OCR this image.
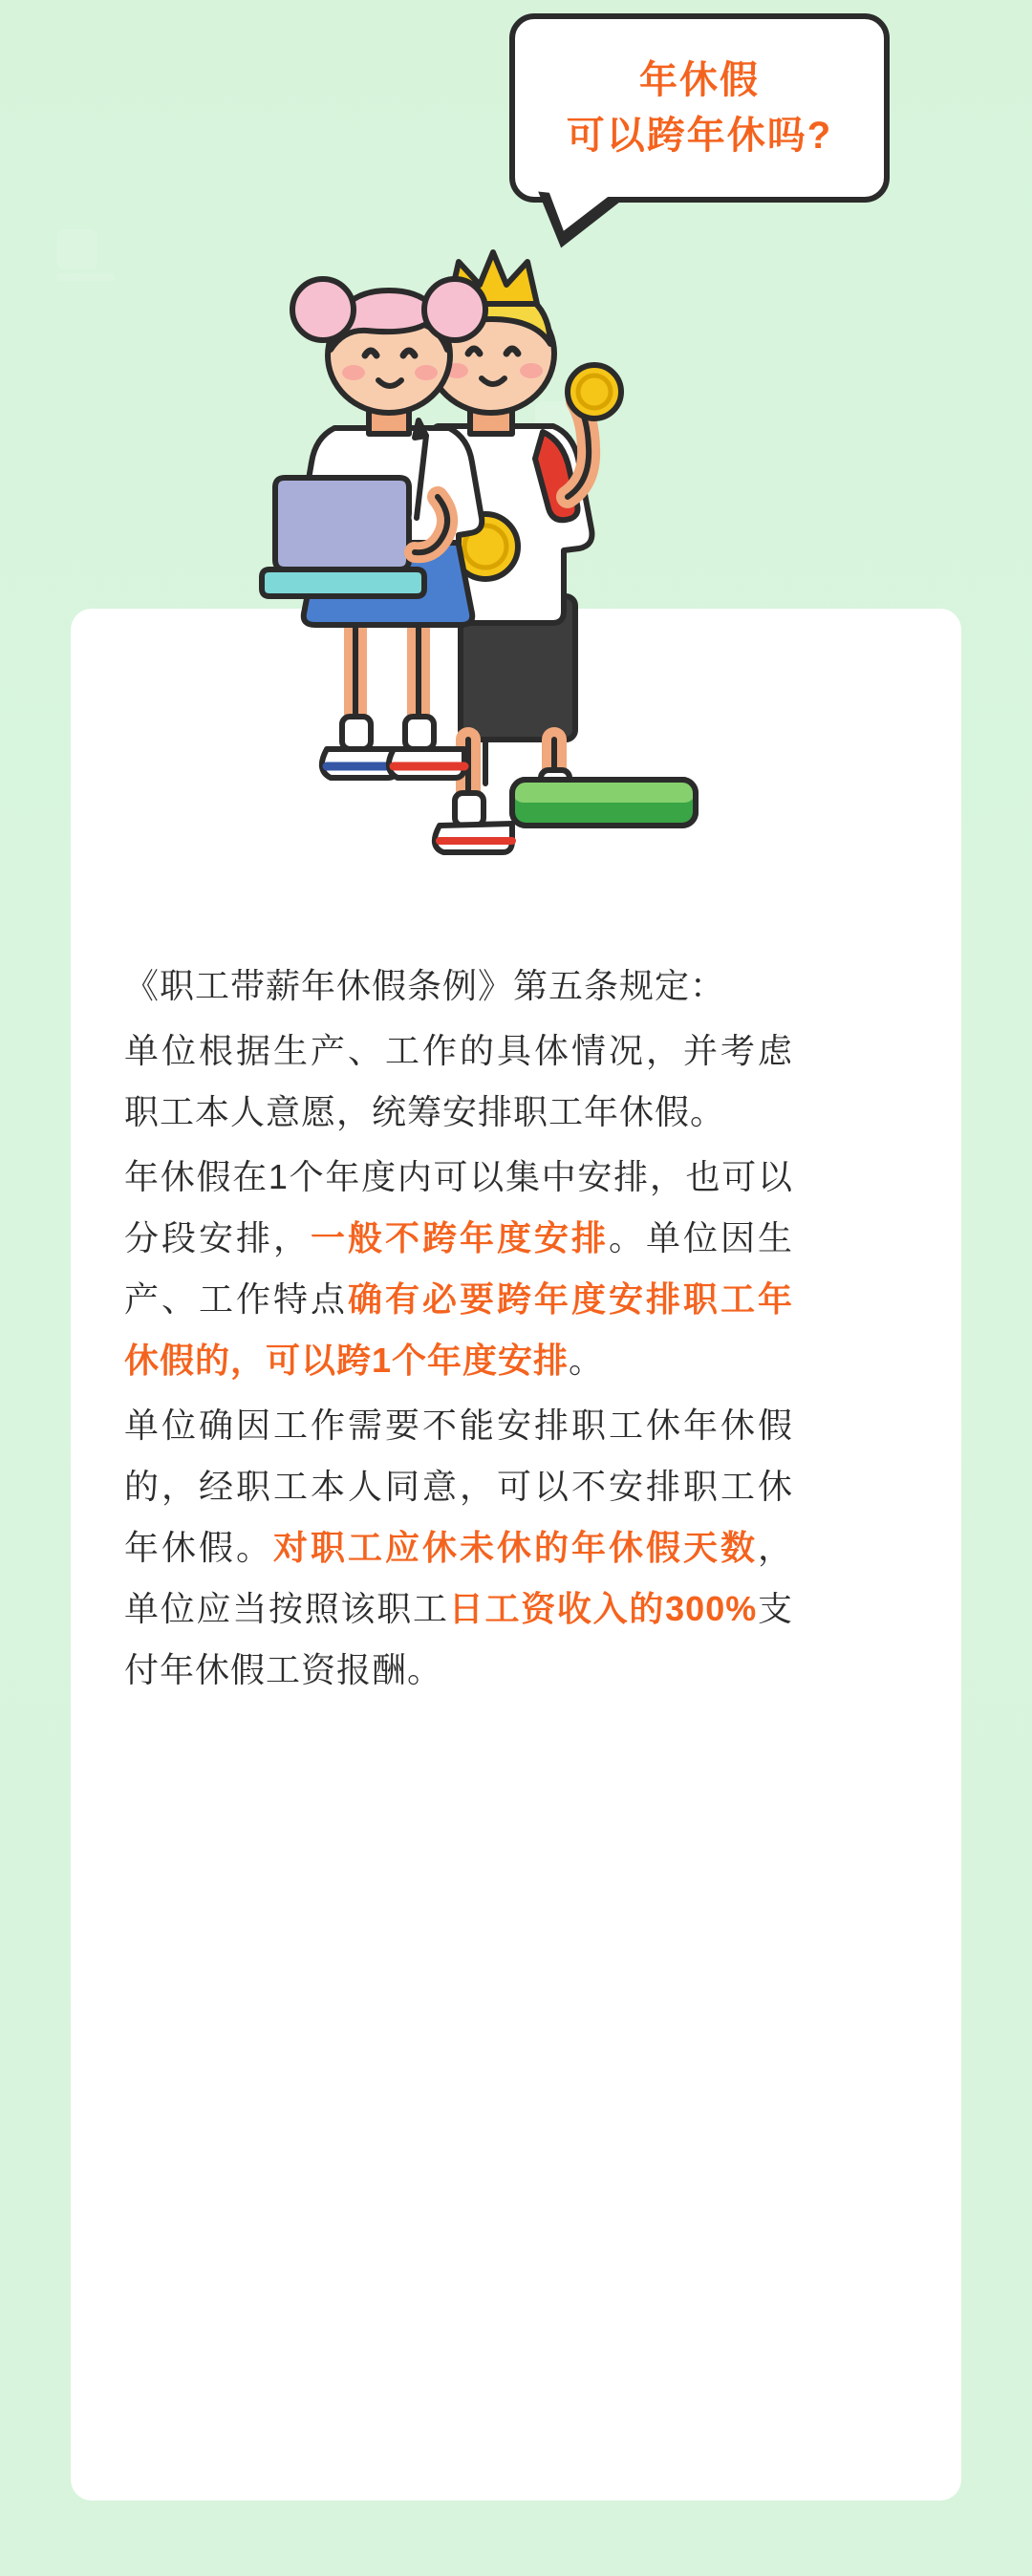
年休假
可以跨年休吗?

《职工带薪年休假条例》第五条规定：

单位根据生产、工作的具体情况，并考虑职工本人意愿，统筹安排职工年休假。

年休假在1个年度内可以集中安排，也可以分段安排，一般不跨年度安排。单位因生产、工作特点确有必要跨年度安排职工年休假的，可以跨1个年度安排。

单位确因工作需要不能安排职工休年休假的，经职工本人同意，可以不安排职工休年休假。对职工应休未休的年休假天数，单位应当按照该职工日工资收入的300%支付年休假工资报酬。
